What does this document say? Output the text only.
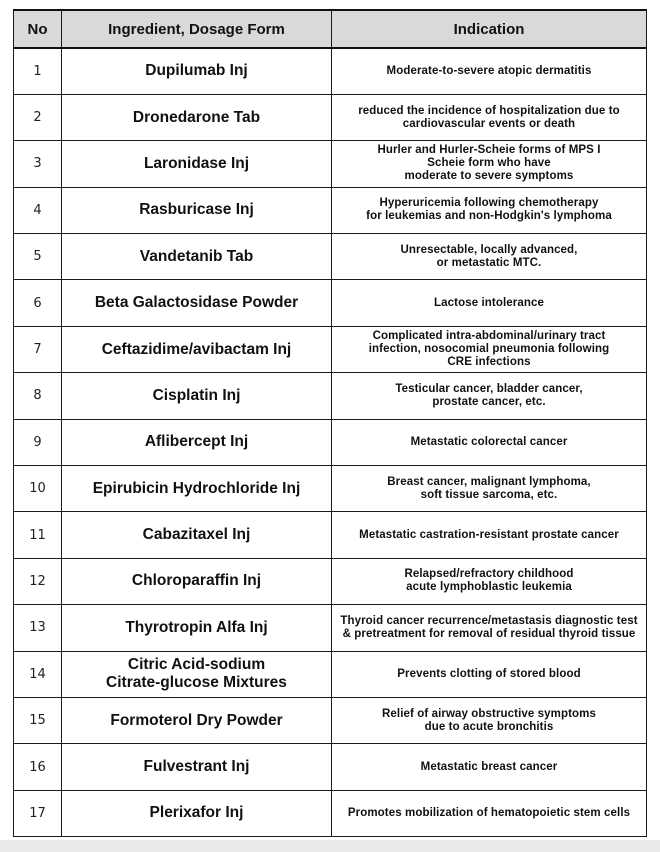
No	Ingredient, Dosage Form	Indication
1	Dupilumab Inj	Moderate-to-severe atopic dermatitis

2	Dronedarone Tab	reduced the incidence of hospitalization due to
cardiovascular events or death

3	Laronidase Inj	Hurler and Hurler-Scheie forms of MPS I
Scheie form who have
moderate to severe symptoms

4	Rasburicase Inj	Hyperuricemia following chemotherapy
for leukemias and non-Hodgkin's lymphoma

5	Vandetanib Tab	Unresectable, locally advanced,
or metastatic MTC.

6	Beta Galactosidase Powder	Lactose intolerance

7	Ceftazidime/avibactam Inj	Complicated intra-abdominal/urinary tract
infection, nosocomial pneumonia following
CRE infections

8	Cisplatin Inj	Testicular cancer, bladder cancer,
prostate cancer, etc.

9	Aflibercept Inj	Metastatic colorectal cancer

10	Epirubicin Hydrochloride Inj	Breast cancer, malignant lymphoma,
soft tissue sarcoma, etc.

11	Cabazitaxel Inj	Metastatic castration-resistant prostate cancer

12	Chloroparaffin Inj	Relapsed/refractory childhood
acute lymphoblastic leukemia

13	Thyrotropin Alfa Inj	Thyroid cancer recurrence/metastasis diagnostic test
& pretreatment for removal of residual thyroid tissue

14	Citric Acid-sodium
Citrate-glucose Mixtures	Prevents clotting of stored blood

15	Formoterol Dry Powder	Relief of airway obstructive symptoms
due to acute bronchitis

16	Fulvestrant Inj	Metastatic breast cancer

17	Plerixafor Inj	Promotes mobilization of hematopoietic stem cells
